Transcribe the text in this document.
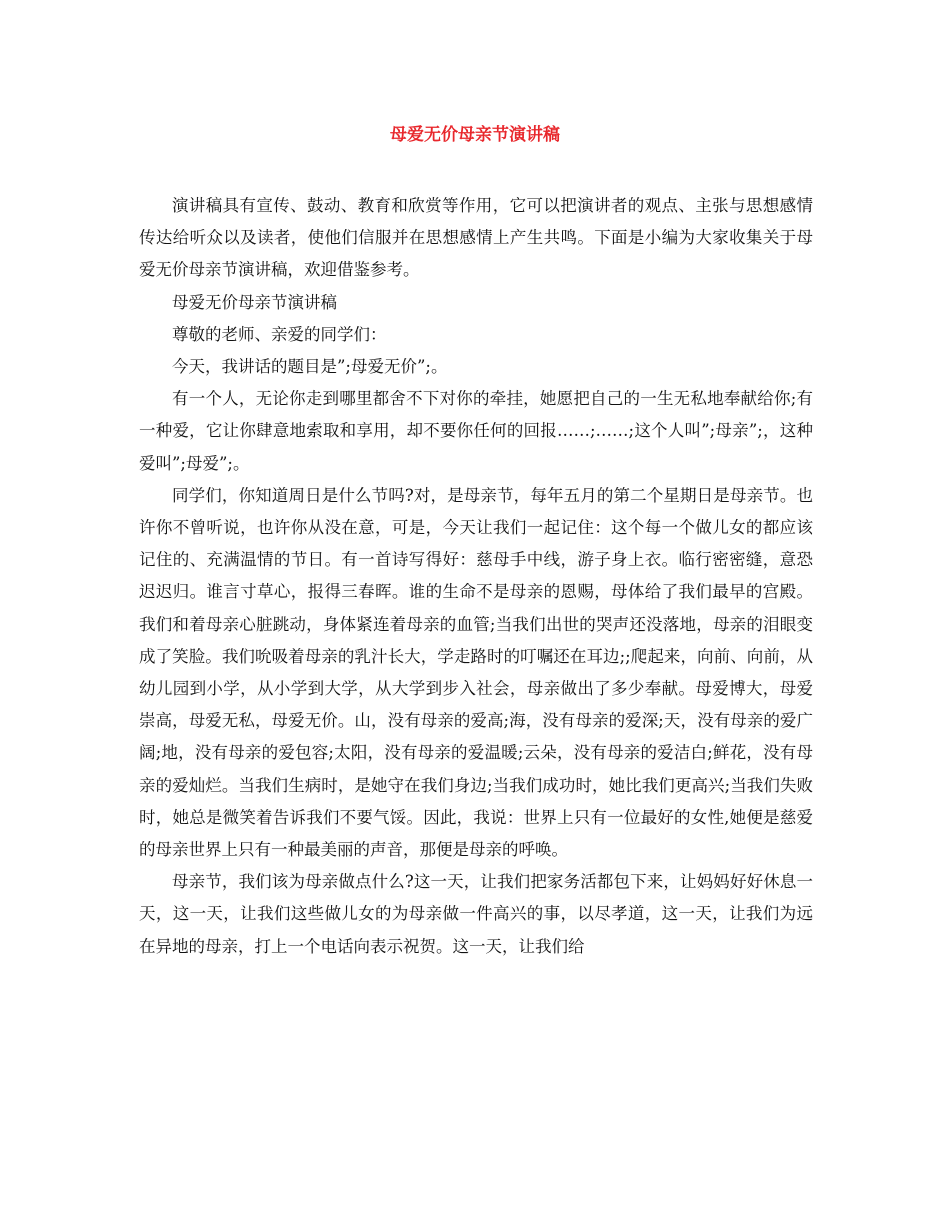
母爱无价母亲节演讲稿

演讲稿具有宣传、鼓动、教育和欣赏等作用，它可以把演讲者的观点、主张与思想感情传达给听众以及读者，使他们信服并在思想感情上产生共鸣。下面是小编为大家收集关于母爱无价母亲节演讲稿，欢迎借鉴参考。

母爱无价母亲节演讲稿

尊敬的老师、亲爱的同学们：

今天，我讲话的题目是”;母爱无价”;。

有一个人，无论你走到哪里都舍不下对你的牵挂，她愿把自己的一生无私地奉献给你;有一种爱，它让你肆意地索取和享用，却不要你任何的回报……;……;这个人叫”;母亲”;，这种爱叫”;母爱”;。

同学们，你知道周日是什么节吗?对，是母亲节，每年五月的第二个星期日是母亲节。也许你不曾听说，也许你从没在意，可是，今天让我们一起记住：这个每一个做儿女的都应该记住的、充满温情的节日。有一首诗写得好：慈母手中线，游子身上衣。临行密密缝，意恐迟迟归。谁言寸草心，报得三春晖。谁的生命不是母亲的恩赐，母体给了我们最早的宫殿。我们和着母亲心脏跳动，身体紧连着母亲的血管;当我们出世的哭声还没落地，母亲的泪眼变成了笑脸。我们吮吸着母亲的乳汁长大，学走路时的叮嘱还在耳边;;爬起来，向前、向前，从幼儿园到小学，从小学到大学，从大学到步入社会，母亲做出了多少奉献。母爱博大，母爱崇高，母爱无私，母爱无价。山，没有母亲的爱高;海，没有母亲的爱深;天，没有母亲的爱广阔;地，没有母亲的爱包容;太阳，没有母亲的爱温暖;云朵，没有母亲的爱洁白;鲜花，没有母亲的爱灿烂。当我们生病时，是她守在我们身边;当我们成功时，她比我们更高兴;当我们失败时，她总是微笑着告诉我们不要气馁。因此，我说：世界上只有一位最好的女性,她便是慈爱的母亲世界上只有一种最美丽的声音，那便是母亲的呼唤。

母亲节，我们该为母亲做点什么?这一天，让我们把家务活都包下来，让妈妈好好休息一天，这一天，让我们这些做儿女的为母亲做一件高兴的事，以尽孝道，这一天，让我们为远在异地的母亲，打上一个电话向表示祝贺。这一天，让我们给
